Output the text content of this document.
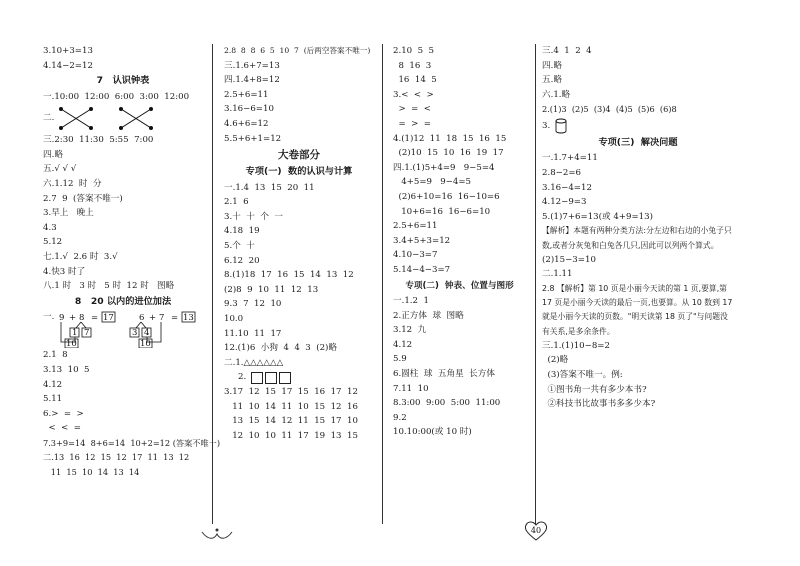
3.10+3=13
4.14−2=12
7   认识钟表
一.10:00  12:00  6:00  3:00  12:00
二.
三.2:30  11:30  5:55  7:00
四.略
五.√ √ √
六.1.12  时  分
2.7  9  (答案不唯一)
3.早上   晚上
4.3
5.12
七.1.√  2.6 时  3.√
4.快3 时了
八.1 时   3 时   5 时  12 时   图略
8   20 以内的进位加法
一. 9 + 8 = 17
1 7
10
6 + 7 = 13
3 4
10
2.1  8
3.13  10  5
4.12
5.11
6.>  =  >
<  <  =
7.3+9=14  8+6=14  10+2=12 (答案不唯一)
二.13  16  12  15  12  17  11  13  12
11  15  10  14  13  14
2.8  8  8  6  5  10  7  (后两空答案不唯一)
三.1.6+7=13
四.1.4+8=12
2.5+6=11
3.16−6=10
4.6+6=12
5.5+6+1=12
大卷部分
专项(一)  数的认识与计算
一.1.4  13  15  20  11
2.1  6
3.十  十  个  一
4.18  19
5.个  十
6.12  20
8.(1)18  17  16  15  14  13  12
(2)8  9  10  11  12  13
9.3  7  12  10
10.0
11.10  11  17
12.(1)6  小狗  4  4  3  (2)略
二.1.△△△△△△
2.
3.17  12  15  17  15  16  17  12
11  10  14  11  10  15  12  16
13  15  14  12  11  15  17  10
12  10  10  11  17  19  13  15
2.10  5  5
8  16  3
16  14  5
3.<  <  >
>  =  <
=  >  =
4.(1)12  11  18  15  16  15
(2)10  15  10  16  19  17
四.1.(1)5+4=9   9−5=4
4+5=9   9−4=5
(2)6+10=16  16−10=6
10+6=16  16−6=10
2.5+6=11
3.4+5+3=12
4.10−3=7
5.14−4−3=7
专项(二)  钟表、位置与图形
一.1.2  1
2.正方体  球  图略
3.12  九
4.12
5.9
6.圆柱  球  五角星  长方体
7.11  10
8.3:00  9:00  5:00  11:00
9.2
10.10:00(或 10 时)
三.4  1  2  4
四.略
五.略
六.1.略
2.(1)3  (2)5  (3)4  (4)5  (5)6  (6)8
3.
专项(三)  解决问题
一.1.7+4=11
2.8−2=6
3.16−4=12
4.12−9=3
5.(1)7+6=13(或 4+9=13)
【解析】本题有两种分类方法:分左边和右边的小兔子只数,或者分灰兔和白兔各几只,因此可以列两个算式。
(2)15−3=10
二.1.11
2.8 【解析】第 10 页是小丽今天读的第 1 页,要算,第 17 页是小丽今天读的最后一页,也要算。从 10 数到 17 就是小丽今天读的页数。"明天读第 18 页了"与问题没有关系,是多余条件。
三.1.(1)10−8=2
(2)略
(3)答案不唯一。例:
①图书角一共有多少本书?
②科技书比故事书多多少本?
40
